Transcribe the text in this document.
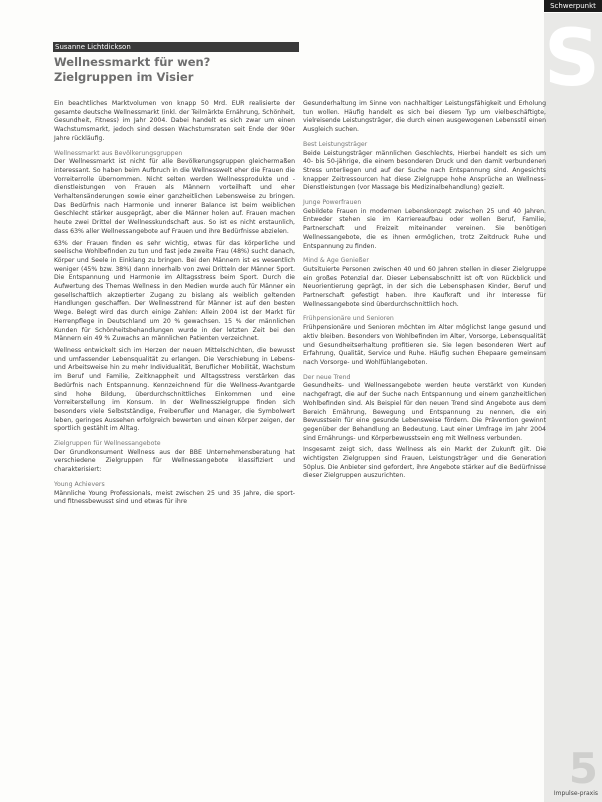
Schwerpunkt
S
5
Impulse-praxis
Susanne Lichtdickson
Wellnessmarkt für wen?
Zielgruppen im Visier

Ein beachtliches Marktvolumen von knapp 50 Mrd. EUR realisierte der gesamte deutsche Wellnessmarkt (inkl. der Teilmärkte Ernährung, Schönheit, Gesundheit, Fitness) im Jahr 2004. Dabei handelt es sich zwar um einen Wachstumsmarkt, jedoch sind dessen Wachstumsraten seit Ende der 90er Jahre rückläufig.

Wellnessmarkt aus Bevölkerungsgruppen

Der Wellnessmarkt ist nicht für alle Bevölkerungsgruppen gleichermaßen interessant. So haben beim Aufbruch in die Wellnesswelt eher die Frauen die Vorreiterrolle übernommen. Nicht selten werden Wellnessprodukte und -dienstleistungen von Frauen als Männern vorteilhaft und eher Verhaltensänderungen sowie einer ganzheitlichen Lebensweise zu bringen. Das Bedürfnis nach Harmonie und innerer Balance ist beim weiblichen Geschlecht stärker ausgeprägt, aber die Männer holen auf. Frauen machen heute zwei Drittel der Wellnesskundschaft aus. So ist es nicht erstaunlich, dass 63% aller Wellnessangebote auf Frauen und ihre Bedürfnisse abzielen.

63% der Frauen finden es sehr wichtig, etwas für das körperliche und seelische Wohlbefinden zu tun und fast jede zweite Frau (48%) sucht danach, Körper und Seele in Einklang zu bringen. Bei den Männern ist es wesentlich weniger (45% bzw. 38%) dann innerhalb von zwei Dritteln der Männer Sport. Die Entspannung und Harmonie im Alltagsstress beim Sport. Durch die Aufwertung des Themas Wellness in den Medien wurde auch für Männer ein gesellschaftlich akzeptierter Zugang zu bislang als weiblich geltenden Handlungen geschaffen. Der Wellnesstrend für Männer ist auf den besten Wege. Belegt wird das durch einige Zahlen: Allein 2004 ist der Markt für Herrenpflege in Deutschland um 20 % gewachsen. 15 % der männlichen Kunden für Schönheitsbehandlungen wurde in der letzten Zeit bei den Männern ein 49 % Zuwachs an männlichen Patienten verzeichnet.

Wellness entwickelt sich im Herzen der neuen Mittelschichten, die bewusst und umfassender Lebensqualität zu erlangen. Die Verschiebung in Lebens- und Arbeitsweise hin zu mehr Individualität, Beruflicher Mobilität, Wachstum im Beruf und Familie, Zeitknappheit und Alltagsstress verstärken das Bedürfnis nach Entspannung. Kennzeichnend für die Wellness-Avantgarde sind hohe Bildung, überdurchschnittliches Einkommen und eine Vorreiterstellung im Konsum. In der Wellnesszielgruppe finden sich besonders viele Selbstständige, Freiberufler und Manager, die Symbolwert leben, geringes Aussehen erfolgreich bewerten und einen Körper zeigen, der sportlich gestählt im Alltag.

Zielgruppen für Wellnessangebote

Der Grundkonsument Wellness aus der BBE Unternehmensberatung hat verschiedene Zielgruppen für Wellnessangebote klassifiziert und charakterisiert:

Young Achievers

Männliche Young Professionals, meist zwischen 25 und 35 Jahre, die sport- und fitnessbewusst sind und etwas für ihre

Gesunderhaltung im Sinne von nachhaltiger Leistungsfähigkeit und Erholung tun wollen. Häufig handelt es sich bei diesem Typ um vielbeschäftigte, vielreisende Leistungsträger, die durch einen ausgewogenen Lebensstil einen Ausgleich suchen.

Best Leistungsträger

Beide Leistungsträger männlichen Geschlechts, Hierbei handelt es sich um 40- bis 50-jährige, die einem besonderen Druck und den damit verbundenen Stress unterliegen und auf der Suche nach Entspannung sind. Angesichts knapper Zeitressourcen hat diese Zielgruppe hohe Ansprüche an Wellness-Dienstleistungen (vor Massage bis Medizinalbehandlung) gezielt.

Junge Powerfrauen

Gebildete Frauen in modernen Lebenskonzept zwischen 25 und 40 Jahren. Entweder stehen sie im Karriereaufbau oder wollen Beruf, Familie, Partnerschaft und Freizeit miteinander vereinen. Sie benötigen Wellnessangebote, die es ihnen ermöglichen, trotz Zeitdruck Ruhe und Entspannung zu finden.

Mind & Age Genießer

Gutsituierte Personen zwischen 40 und 60 Jahren stellen in dieser Zielgruppe ein großes Potenzial dar. Dieser Lebensabschnitt ist oft von Rückblick und Neuorientierung geprägt, in der sich die Lebensphasen Kinder, Beruf und Partnerschaft gefestigt haben. Ihre Kaufkraft und ihr Interesse für Wellnessangebote sind überdurchschnittlich hoch.

Frühpensionäre und Senioren

Frühpensionäre und Senioren möchten im Alter möglichst lange gesund und aktiv bleiben. Besonders von Wohlbefinden im Alter, Vorsorge, Lebensqualität und Gesundheitserhaltung profitieren sie. Sie legen besonderen Wert auf Erfahrung, Qualität, Service und Ruhe. Häufig suchen Ehepaare gemeinsam nach Vorsorge- und Wohlfühlangeboten.

Der neue Trend

Gesundheits- und Wellnessangebote werden heute verstärkt von Kunden nachgefragt, die auf der Suche nach Entspannung und einem ganzheitlichen Wohlbefinden sind. Als Beispiel für den neuen Trend sind Angebote aus dem Bereich Ernährung, Bewegung und Entspannung zu nennen, die ein Bewusstsein für eine gesunde Lebensweise fördern. Die Prävention gewinnt gegenüber der Behandlung an Bedeutung. Laut einer Umfrage im Jahr 2004 sind Ernährungs- und Körperbewusstsein eng mit Wellness verbunden.

Insgesamt zeigt sich, dass Wellness als ein Markt der Zukunft gilt. Die wichtigsten Zielgruppen sind Frauen, Leistungsträger und die Generation 50plus. Die Anbieter sind gefordert, ihre Angebote stärker auf die Bedürfnisse dieser Zielgruppen auszurichten.
